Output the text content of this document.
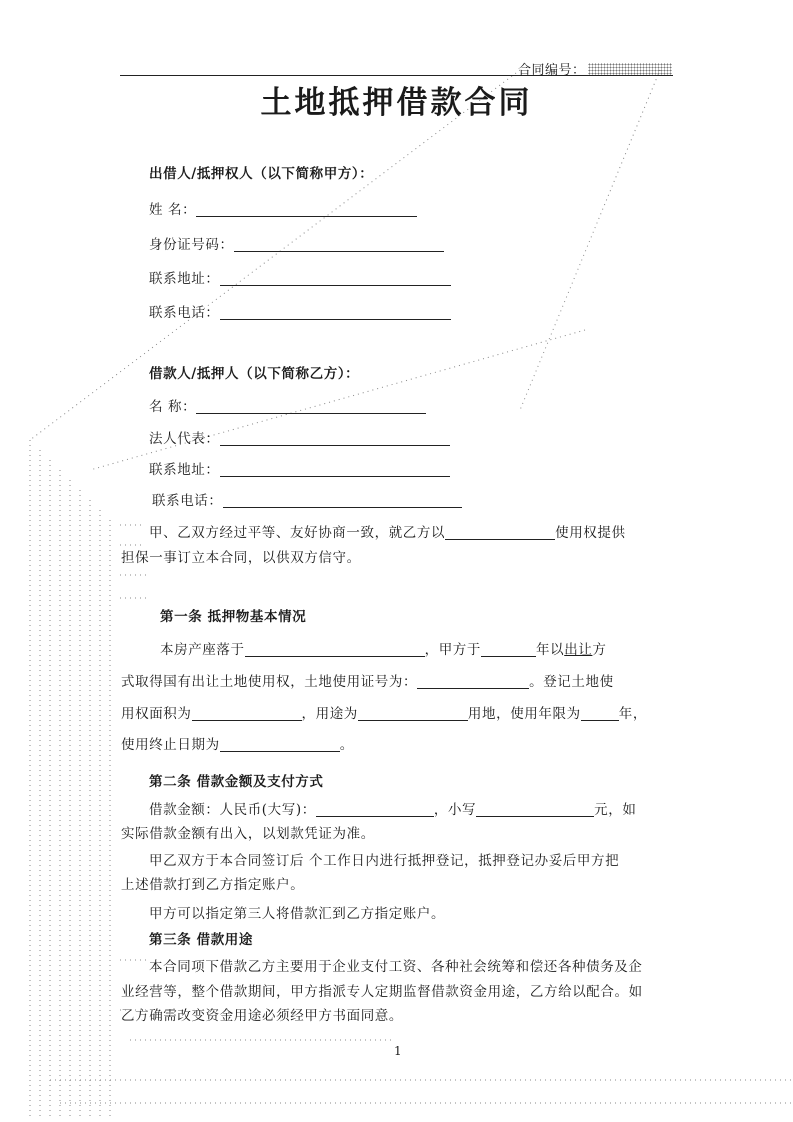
合同编号：
土地抵押借款合同
出借人/抵押权人（以下简称甲方）：
姓 名：
身份证号码：
联系地址：
联系电话：
借款人/抵押人（以下简称乙方）：
名 称：
法人代表：
联系地址：
联系电话：
甲、乙双方经过平等、友好协商一致，就乙方以	使用权提供
担保一事订立本合同，以供双方信守。
第一条 抵押物基本情况
本房产座落于	，甲方于	年以出让方
式取得国有出让土地使用权，土地使用证号为：	。登记土地使
用权面积为	，用途为	用地，使用年限为	年，
使用终止日期为	。
第二条 借款金额及支付方式
借款金额：人民币(大写)：	，小写	元，如
实际借款金额有出入，以划款凭证为准。
甲乙双方于本合同签订后 个工作日内进行抵押登记，抵押登记办妥后甲方把
上述借款打到乙方指定账户。
甲方可以指定第三人将借款汇到乙方指定账户。
第三条 借款用途
本合同项下借款乙方主要用于企业支付工资、各种社会统筹和偿还各种债务及企
业经营等，整个借款期间，甲方指派专人定期监督借款资金用途，乙方给以配合。如
乙方确需改变资金用途必须经甲方书面同意。
1
